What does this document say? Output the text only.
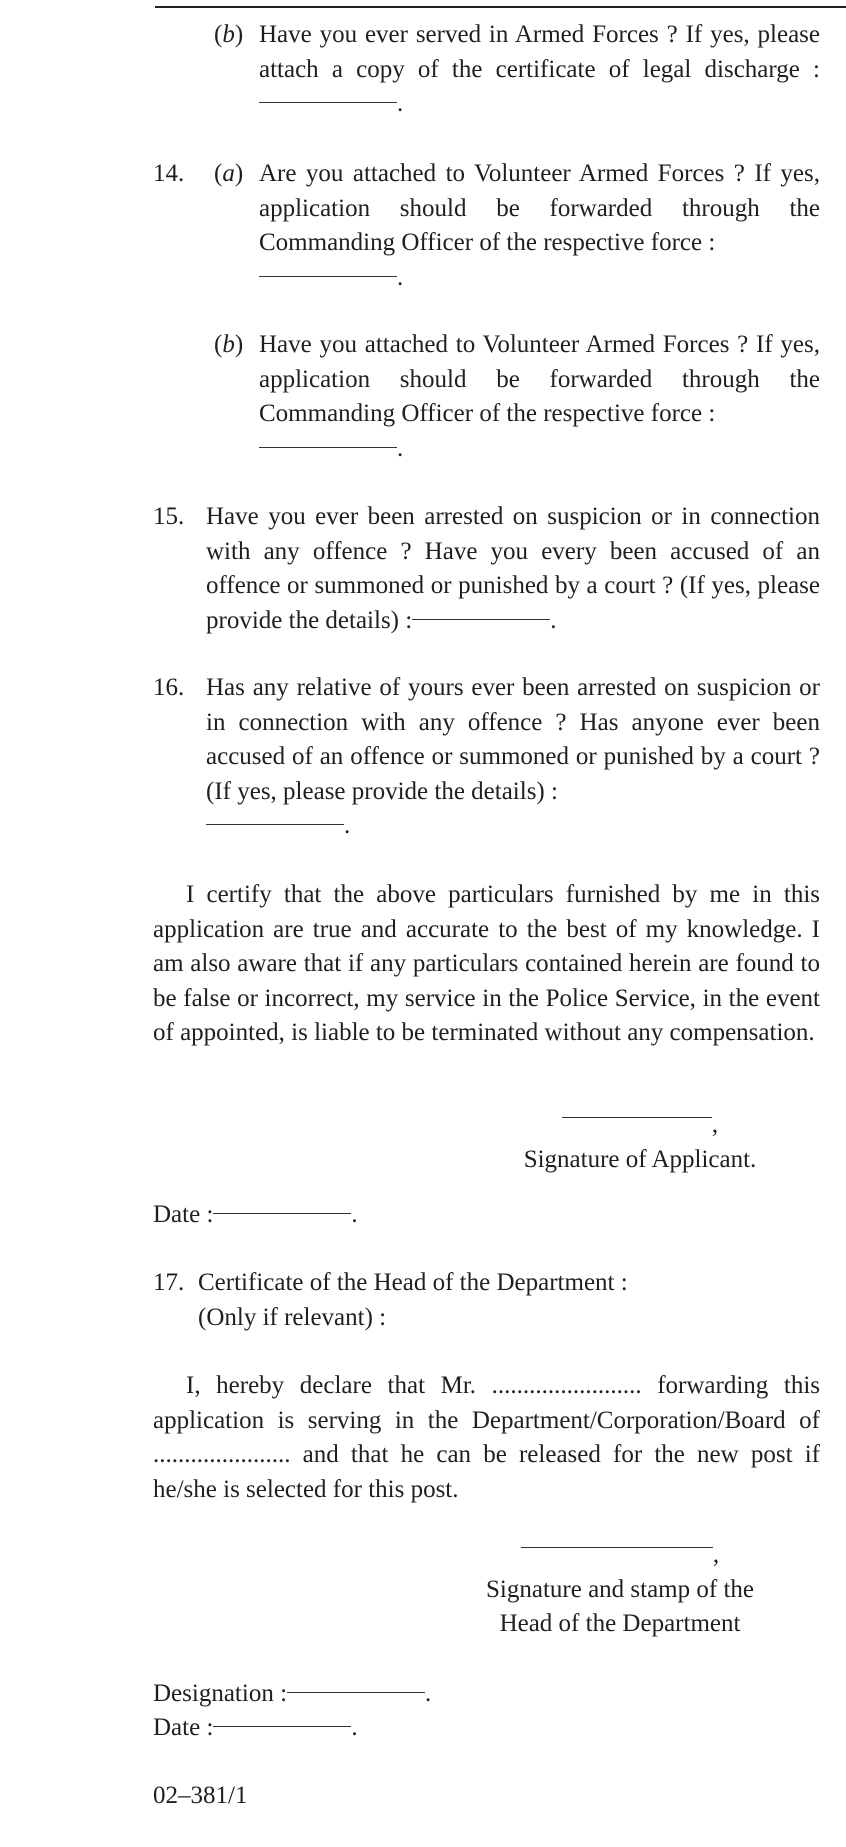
(b) Have you ever served in Armed Forces ? If yes, please attach a copy of the certificate of legal discharge :.
14. (a) Are you attached to Volunteer Armed Forces ? If yes, application should be forwarded through the Commanding Officer of the respective force :
.
(b) Have you attached to Volunteer Armed Forces ? If yes, application should be forwarded through the Commanding Officer of the respective force :
.
15. Have you ever been arrested on suspicion or in connection with any offence ? Have you every been accused of an offence or summoned or punished by a court ? (If yes, please provide the details) :	.
16. Has any relative of yours ever been arrested on suspicion or in connection with any offence ? Has anyone ever been accused of an offence or summoned or punished by a court ? (If yes, please provide the details) :
.
I certify that the above particulars furnished by me in this application are true and accurate to the best of my knowledge. I am also aware that if any particulars contained herein are found to be false or incorrect, my service in the Police Service, in the event of appointed, is liable to be terminated without any compensation.
,
Signature of Applicant.
Date :	.
17. Certificate of the Head of the Department :
(Only if relevant) :
I, hereby declare that Mr. ........................ forwarding this
application is serving in the Department/Corporation/Board of ...................... and that he can be released for the new post if he/she is selected for this post.
,
Signature and stamp of the
Head of the Department
Designation :	.
Date :	.
02–381/1
